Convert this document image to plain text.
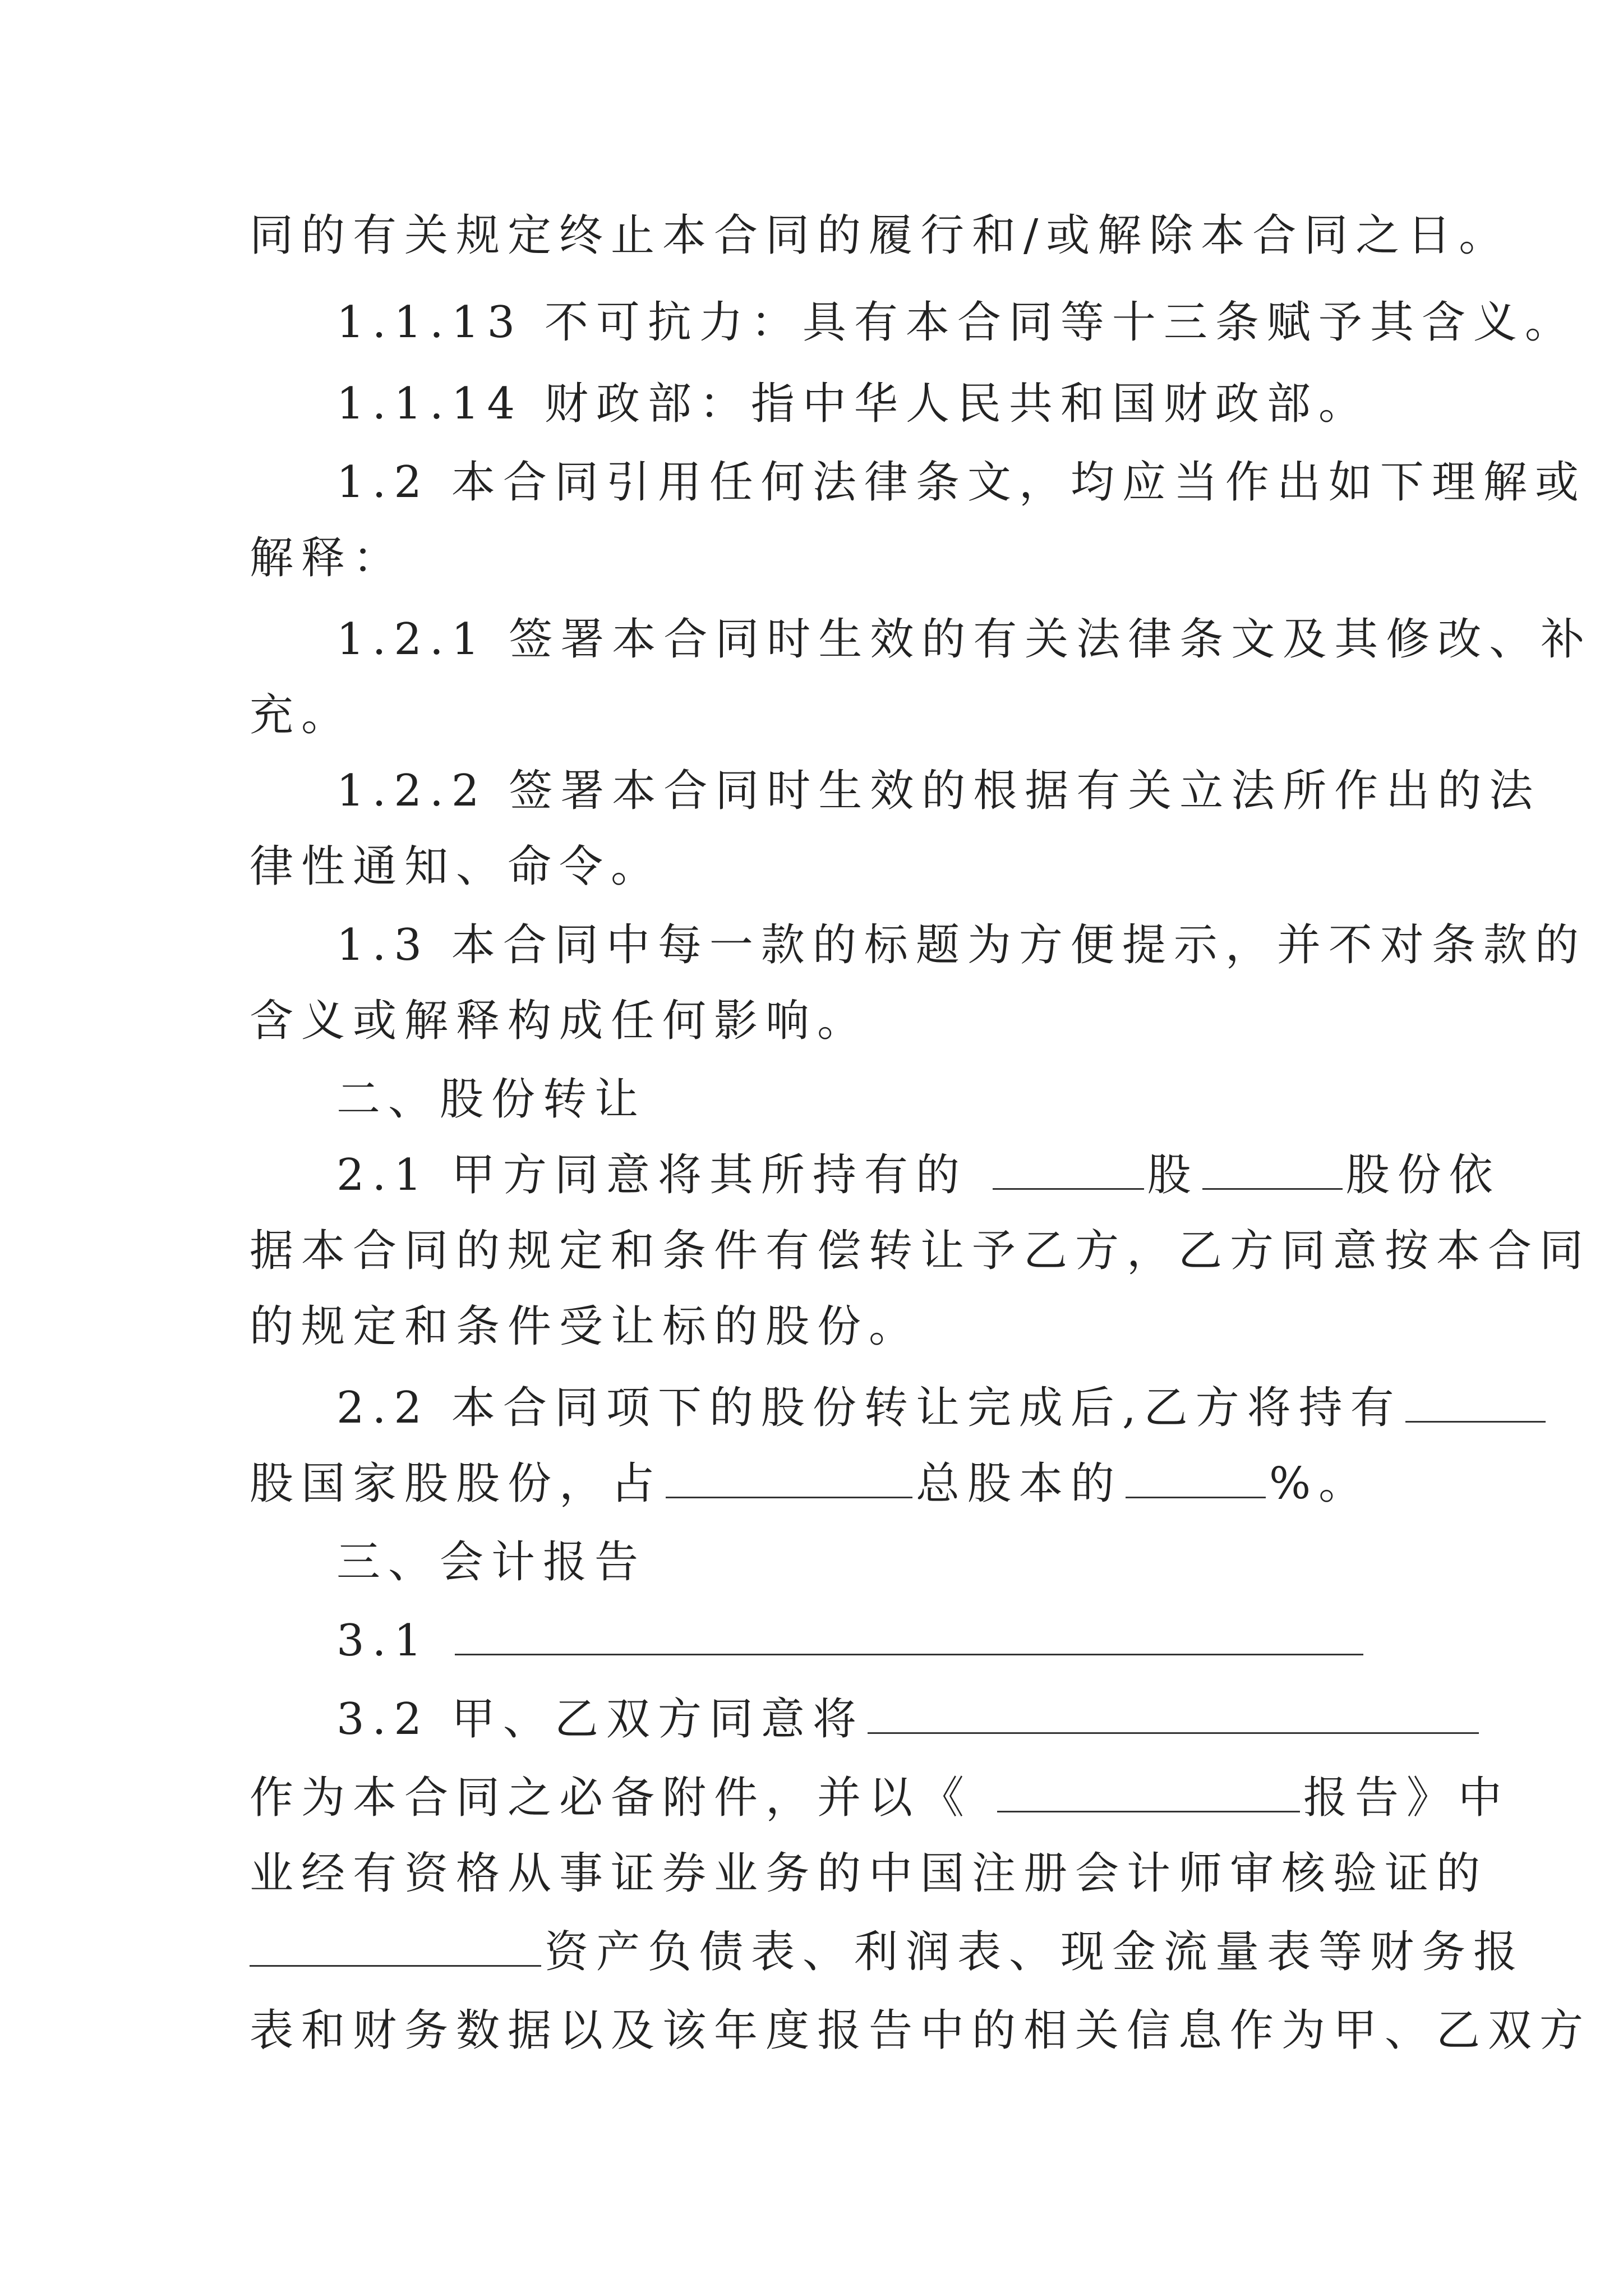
同的有关规定终止本合同的履行和/或解除本合同之日。
1.1.13 不可抗力：具有本合同等十三条赋予其含义。
1.1.14 财政部：指中华人民共和国财政部。
1.2 本合同引用任何法律条文，均应当作出如下理解或
解释：
1.2.1 签署本合同时生效的有关法律条文及其修改、补
充。
1.2.2 签署本合同时生效的根据有关立法所作出的法
律性通知、命令。
1.3 本合同中每一款的标题为方便提示，并不对条款的
含义或解释构成任何影响。
二、股份转让
2.1 甲方同意将其所持有的	股	股份依
据本合同的规定和条件有偿转让予乙方，乙方同意按本合同
的规定和条件受让标的股份。
2.2 本合同项下的股份转让完成后,乙方将持有
股国家股股份，占	总股本的	%。
三、会计报告
3.1
3.2 甲、乙双方同意将
作为本合同之必备附件，并以《	报告》中
业经有资格从事证券业务的中国注册会计师审核验证的
资产负债表、利润表、现金流量表等财务报
表和财务数据以及该年度报告中的相关信息作为甲、乙双方
